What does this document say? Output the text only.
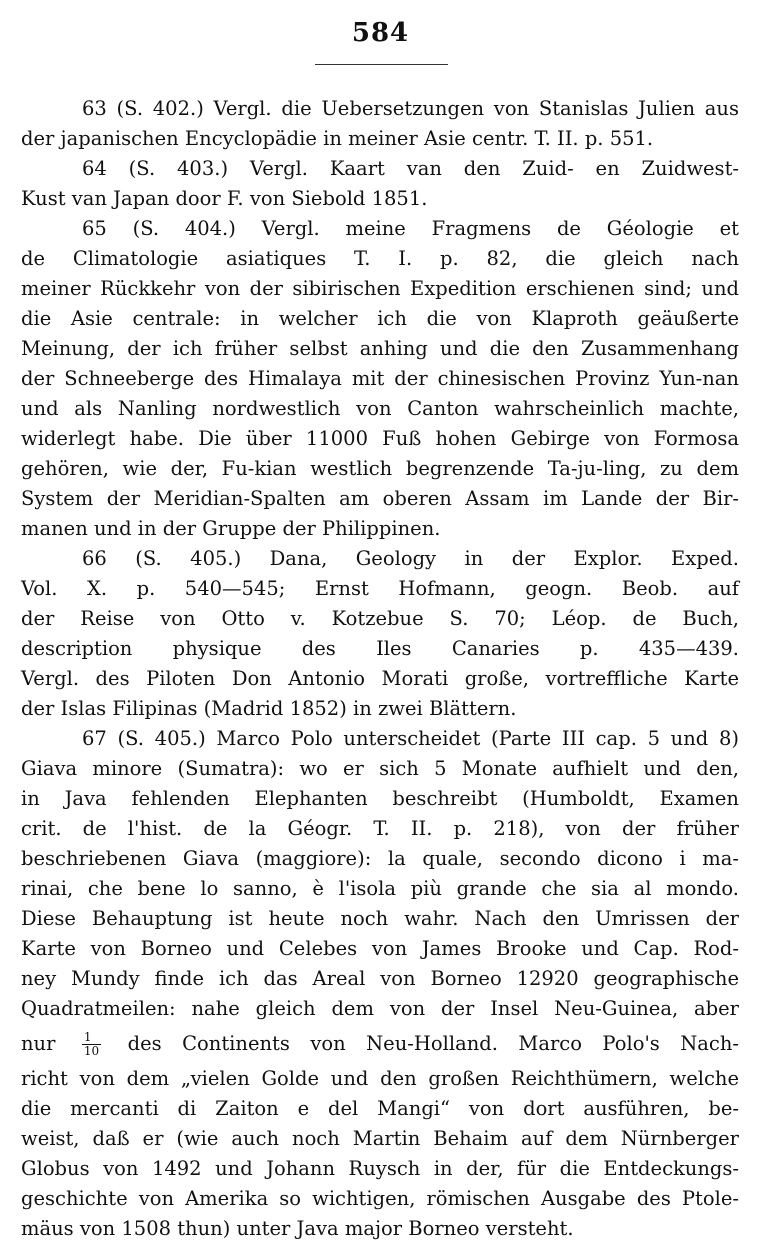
584
63 (S. 402.) Vergl. die Uebersetzungen von Stanislas Julien aus
der japanischen Encyclopädie in meiner Asie centr. T. II. p. 551.
64 (S. 403.) Vergl. Kaart van den Zuid- en Zuidwest-
Kust van Japan door F. von Siebold 1851.
65 (S. 404.) Vergl. meine Fragmens de Géologie et
de Climatologie asiatiques T. I. p. 82, die gleich nach
meiner Rückkehr von der sibirischen Expedition erschienen sind; und
die Asie centrale: in welcher ich die von Klaproth geäußerte
Meinung, der ich früher selbst anhing und die den Zusammenhang
der Schneeberge des Himalaya mit der chinesischen Provinz Yun-nan
und als Nanling nordwestlich von Canton wahrscheinlich machte,
widerlegt habe. Die über 11000 Fuß hohen Gebirge von Formosa
gehören, wie der, Fu-kian westlich begrenzende Ta-ju-ling, zu dem
System der Meridian-Spalten am oberen Assam im Lande der Bir-
manen und in der Gruppe der Philippinen.
66 (S. 405.) Dana, Geology in der Explor. Exped.
Vol. X. p. 540—545; Ernst Hofmann, geogn. Beob. auf
der Reise von Otto v. Kotzebue S. 70; Léop. de Buch,
description physique des Iles Canaries p. 435—439.
Vergl. des Piloten Don Antonio Morati große, vortreffliche Karte
der Islas Filipinas (Madrid 1852) in zwei Blättern.
67 (S. 405.) Marco Polo unterscheidet (Parte III cap. 5 und 8)
Giava minore (Sumatra): wo er sich 5 Monate aufhielt und den,
in Java fehlenden Elephanten beschreibt (Humboldt, Examen
crit. de l'hist. de la Géogr. T. II. p. 218), von der früher
beschriebenen Giava (maggiore): la quale, secondo dicono i ma-
rinai, che bene lo sanno, è l'isola più grande che sia al mondo.
Diese Behauptung ist heute noch wahr. Nach den Umrissen der
Karte von Borneo und Celebes von James Brooke und Cap. Rod-
ney Mundy finde ich das Areal von Borneo 12920 geographische
Quadratmeilen: nahe gleich dem von der Insel Neu-Guinea, aber
nur $\frac{1}{10}$ des Continents von Neu-Holland. Marco Polo's Nach-
richt von dem „vielen Golde und den großen Reichthümern, welche
die mercanti di Zaiton e del Mangi“ von dort ausführen, be-
weist, daß er (wie auch noch Martin Behaim auf dem Nürnberger
Globus von 1492 und Johann Ruysch in der, für die Entdeckungs-
geschichte von Amerika so wichtigen, römischen Ausgabe des Ptole-
mäus von 1508 thun) unter Java major Borneo versteht.
